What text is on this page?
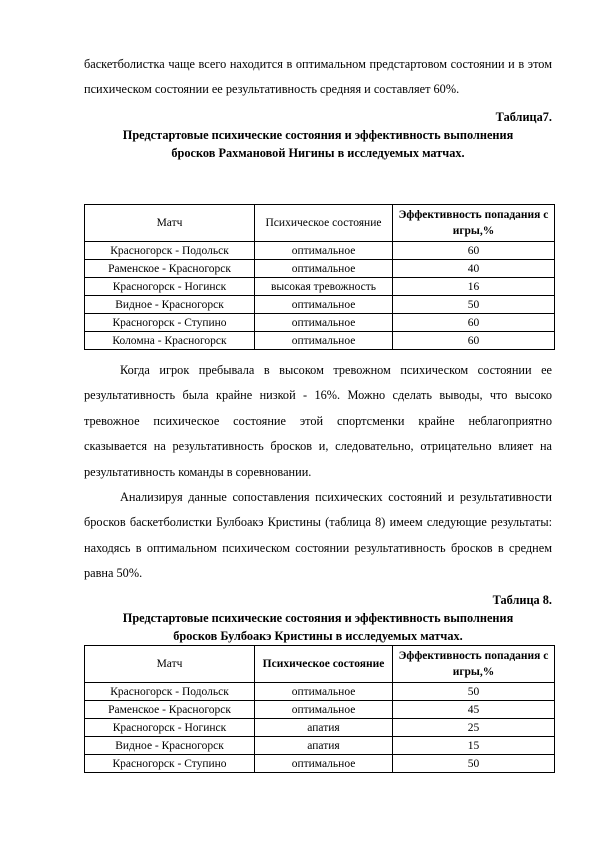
баскетболистка чаще всего находится в оптимальном предстартовом состоянии и в этом психическом состоянии ее результативность средняя и составляет 60%.

Таблица7.

Предстартовые психические состояния и эффективность выполнения

бросков Рахмановой Нигины в исследуемых матчах.

Матч	Психическое состояние	Эффективность попадания с игры,%
Красногорск - Подольск	оптимальное	60
Раменское - Красногорск	оптимальное	40
Красногорск - Ногинск	высокая тревожность	16
Видное - Красногорск	оптимальное	50
Красногорск - Ступино	оптимальное	60
Коломна - Красногорск	оптимальное	60

Когда игрок пребывала в высоком тревожном психическом состоянии ее результативность была крайне низкой - 16%. Можно сделать выводы, что высоко тревожное психическое состояние этой спортсменки крайне неблагоприятно сказывается на результативность бросков и, следовательно, отрицательно влияет на результативность команды в соревновании.

Анализируя данные сопоставления психических состояний и результативности бросков баскетболистки Булбоакэ Кристины (таблица 8) имеем следующие результаты: находясь в оптимальном психическом состоянии результативность бросков в среднем равна 50%.

Таблица 8.

Предстартовые психические состояния и эффективность выполнения

бросков Булбоакэ Кристины в исследуемых матчах.

Матч	Психическое состояние	Эффективность попадания с игры,%
Красногорск - Подольск	оптимальное	50
Раменское - Красногорск	оптимальное	45
Красногорск - Ногинск	апатия	25
Видное - Красногорск	апатия	15
Красногорск - Ступино	оптимальное	50
